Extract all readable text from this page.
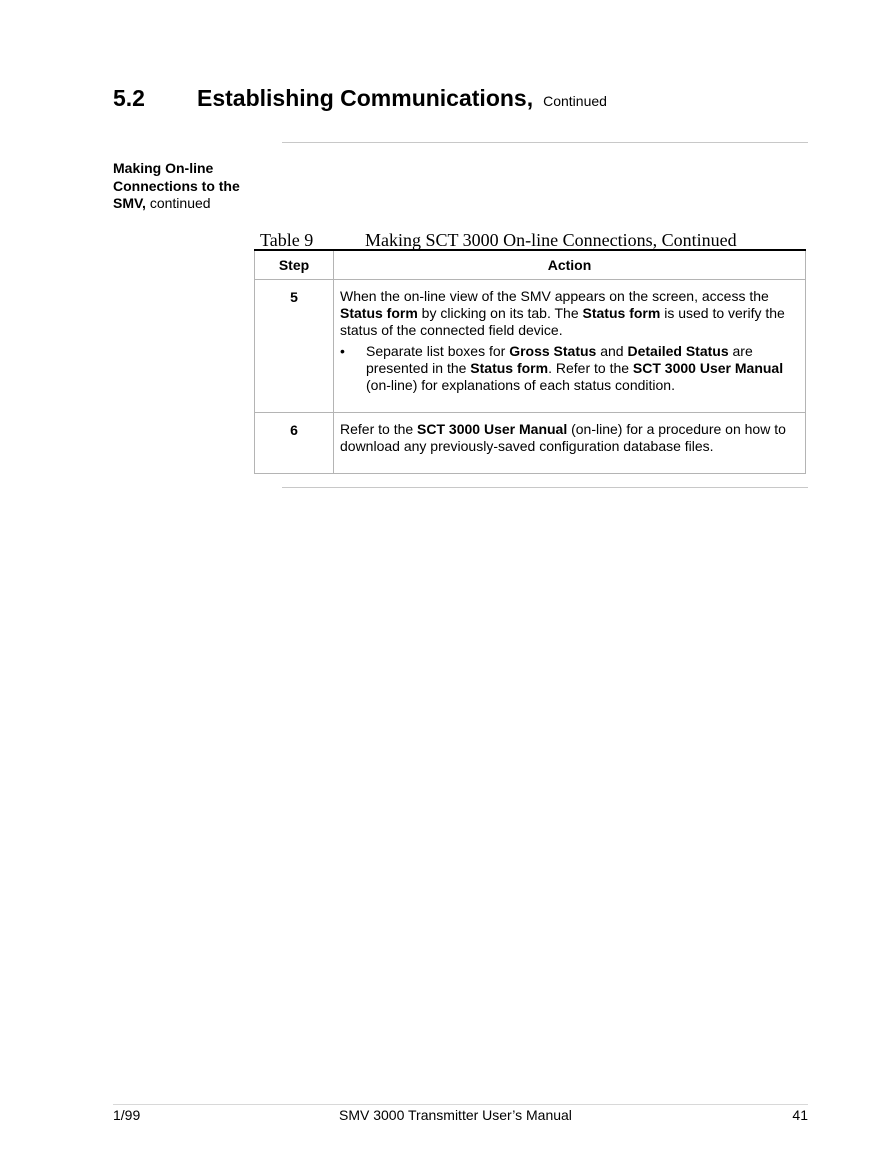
5.2 Establishing Communications, Continued
Making On-line Connections to the SMV, continued
Table 9	Making SCT 3000 On-line Connections, Continued
Step	Action
5	When the on-line view of the SMV appears on the screen, access the Status form by clicking on its tab. The Status form is used to verify the status of the connected field device.
• Separate list boxes for Gross Status and Detailed Status are presented in the Status form. Refer to the SCT 3000 User Manual (on-line) for explanations of each status condition.

6	Refer to the SCT 3000 User Manual (on-line) for a procedure on how to download any previously-saved configuration database files.
1/99	SMV 3000 Transmitter User’s Manual	41
